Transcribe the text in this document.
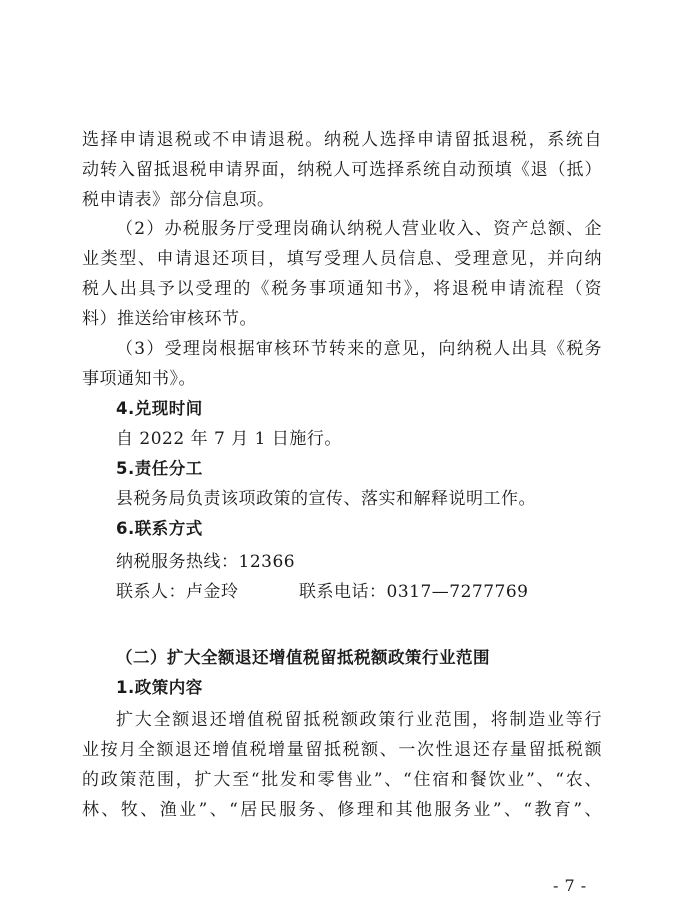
选择申请退税或不申请退税。纳税人选择申请留抵退税，系统自
动转入留抵退税申请界面，纳税人可选择系统自动预填《退（抵）
税申请表》部分信息项。
（2）办税服务厅受理岗确认纳税人营业收入、资产总额、企
业类型、申请退还项目，填写受理人员信息、受理意见，并向纳
税人出具予以受理的《税务事项通知书》，将退税申请流程（资
料）推送给审核环节。
（3）受理岗根据审核环节转来的意见，向纳税人出具《税务
事项通知书》。
4.兑现时间
自 2022 年 7 月 1 日施行。
5.责任分工
县税务局负责该项政策的宣传、落实和解释说明工作。
6.联系方式
纳税服务热线：12366
联系人：卢金玲	联系电话：0317—7277769
（二）扩大全额退还增值税留抵税额政策行业范围
1.政策内容
扩大全额退还增值税留抵税额政策行业范围，将制造业等行
业按月全额退还增值税增量留抵税额、一次性退还存量留抵税额
的政策范围，扩大至“批发和零售业”、“住宿和餐饮业”、“农、
林、牧、渔业”、“居民服务、修理和其他服务业”、“教育”、
- 7 -
